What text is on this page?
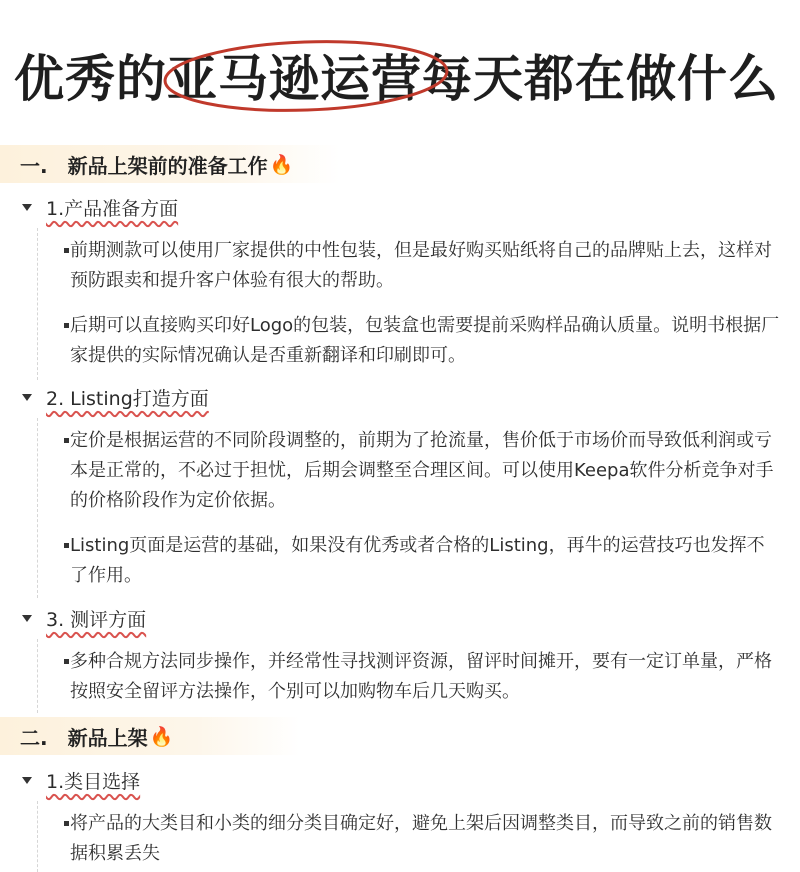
优秀的亚马逊运营每天都在做什么
一. 新品上架前的准备工作 🔥
1.产品准备方面
前期测款可以使用厂家提供的中性包装，但是最好购买贴纸将自己的品牌贴上去，这样对预防跟卖和提升客户体验有很大的帮助。
后期可以直接购买印好Logo的包装，包装盒也需要提前采购样品确认质量。说明书根据厂家提供的实际情况确认是否重新翻译和印刷即可。
2. Listing打造方面
定价是根据运营的不同阶段调整的，前期为了抢流量，售价低于市场价而导致低利润或亏本是正常的，不必过于担忧，后期会调整至合理区间。可以使用Keepa软件分析竞争对手的价格阶段作为定价依据。
Listing页面是运营的基础，如果没有优秀或者合格的Listing，再牛的运营技巧也发挥不了作用。
3. 测评方面
多种合规方法同步操作，并经常性寻找测评资源，留评时间摊开，要有一定订单量，严格按照安全留评方法操作，个别可以加购物车后几天购买。
二. 新品上架 🔥
1.类目选择
将产品的大类目和小类的细分类目确定好，避免上架后因调整类目，而导致之前的销售数据积累丢失
